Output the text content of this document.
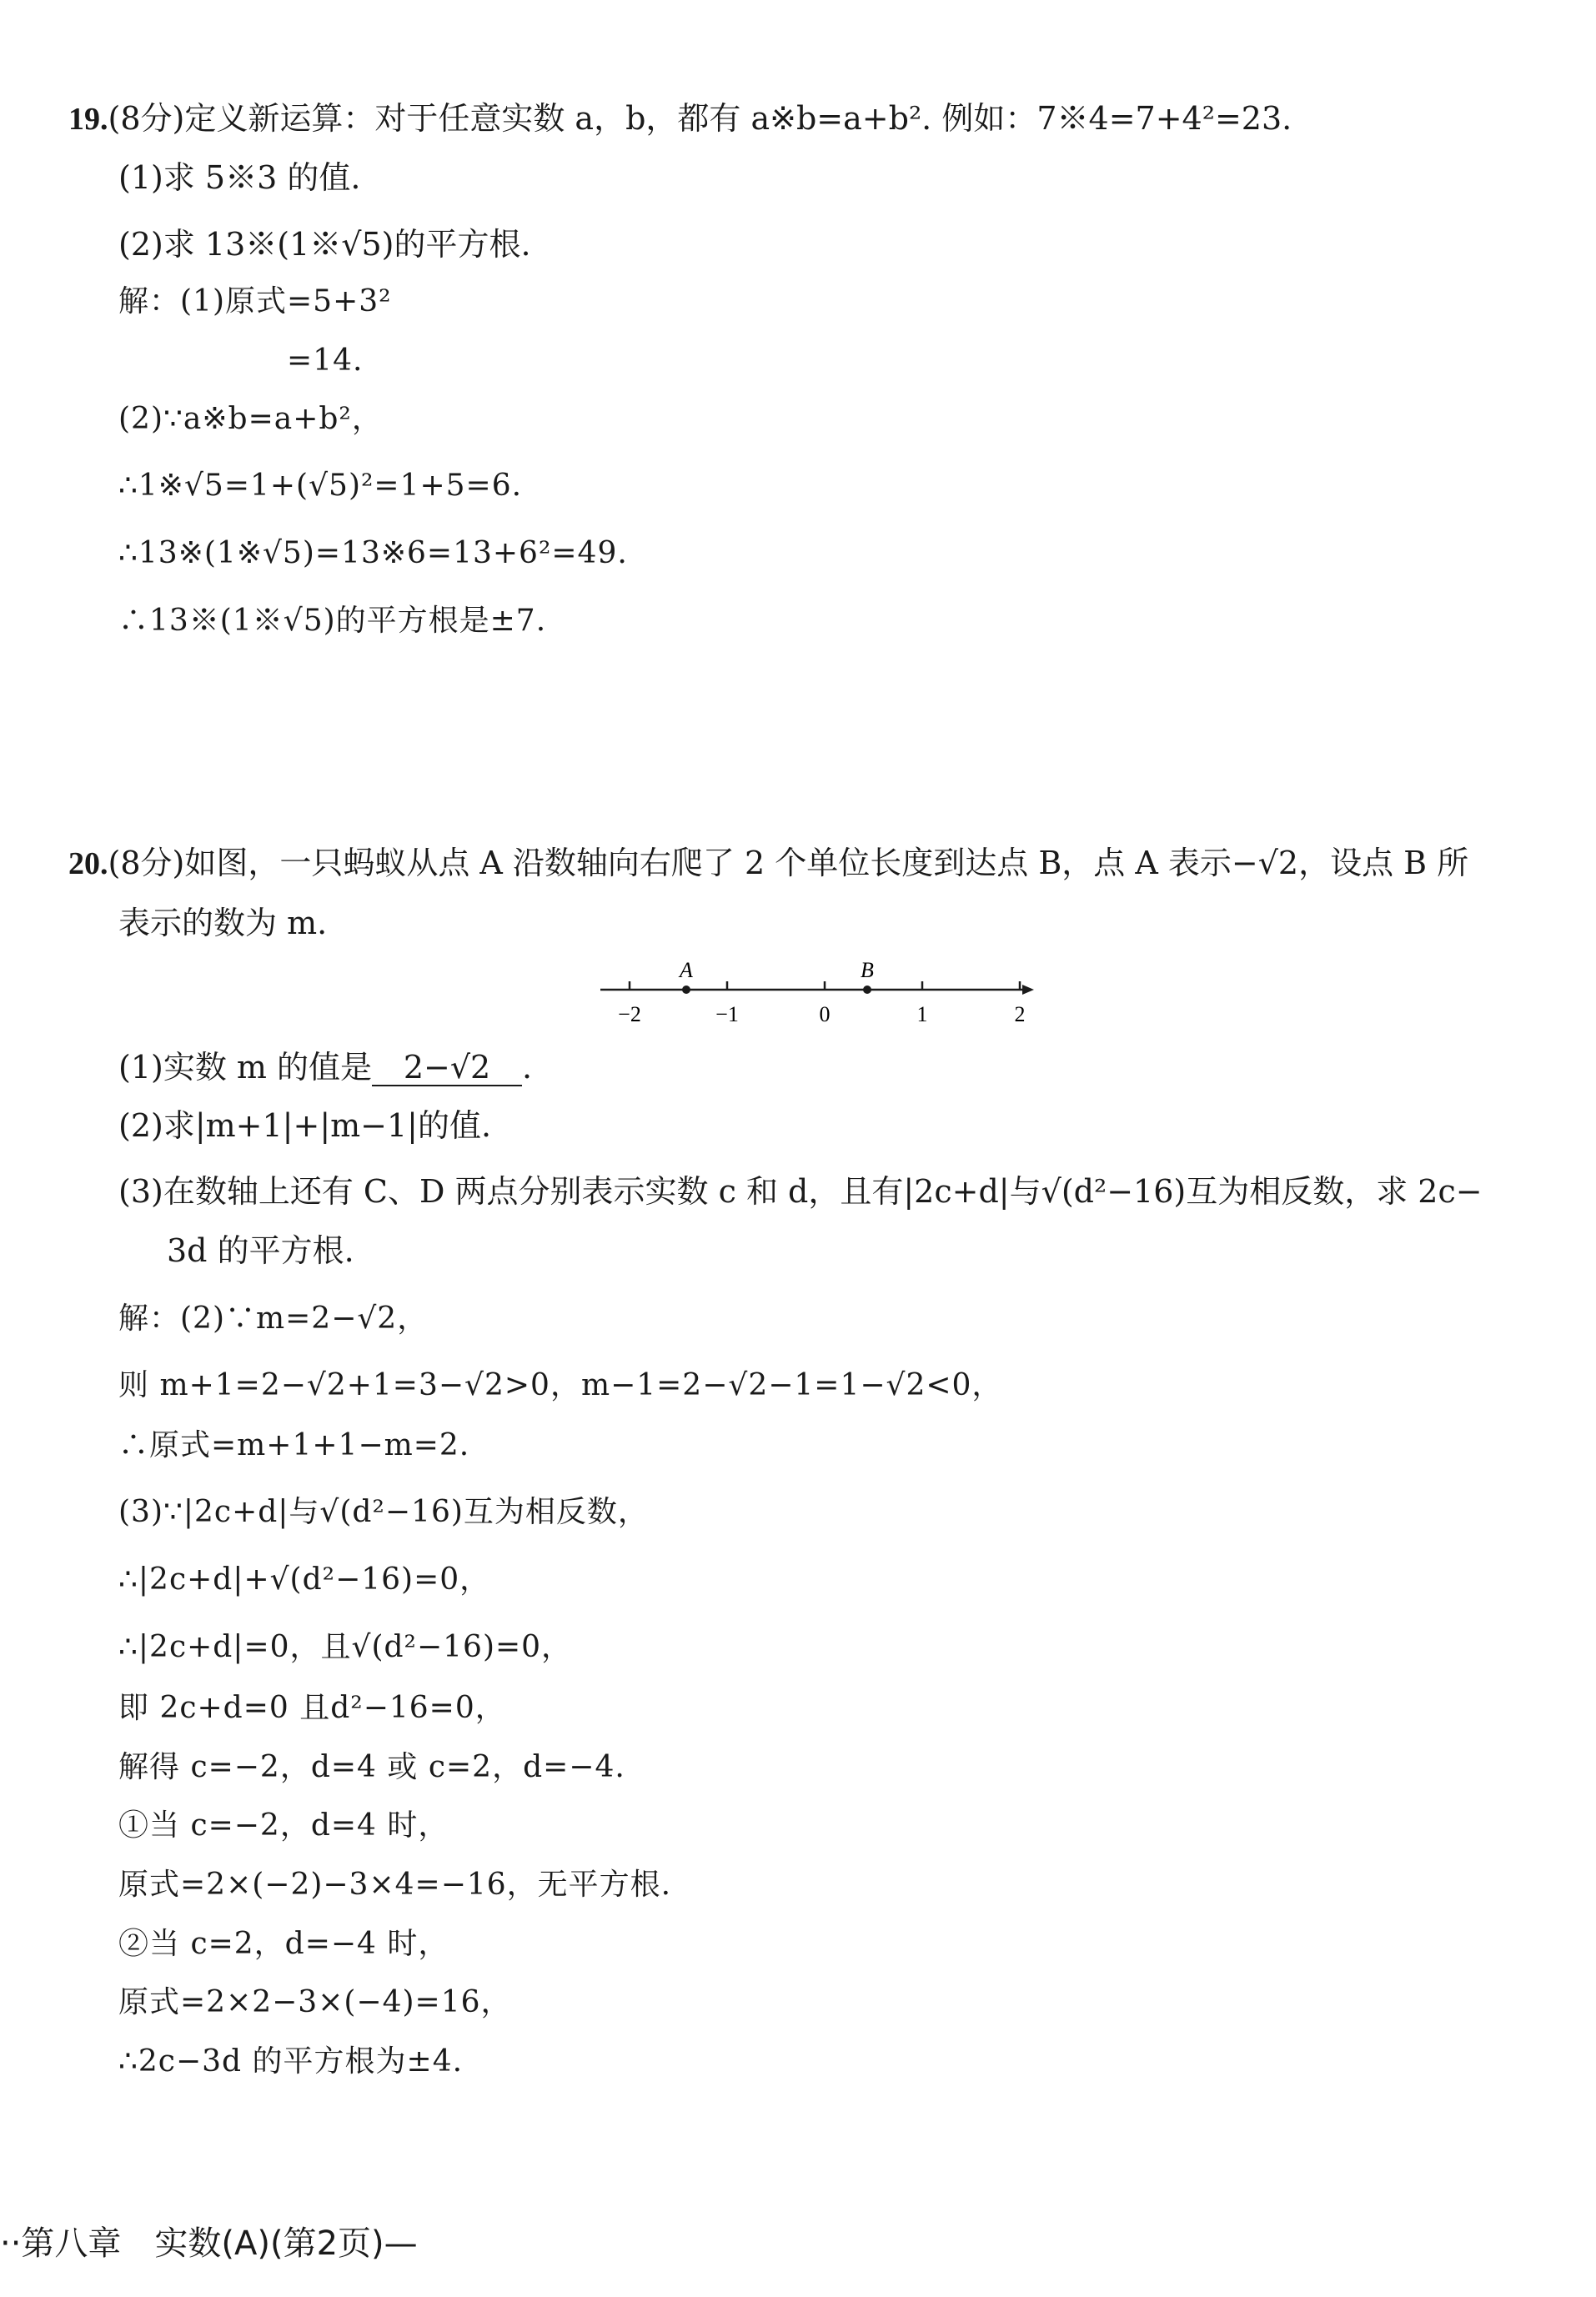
19.(8分)定义新运算：对于任意实数 a，b，都有 a※b=a+b². 例如：7※4=7+4²=23.
(1)求 5※3 的值.
(2)求 13※(1※√5)的平方根.
解：(1)原式=5+3²
=14.
(2)∵a※b=a+b²，
∴1※√5=1+(√5)²=1+5=6.
∴13※(1※√5)=13※6=13+6²=49.
∴13※(1※√5)的平方根是±7.
20.(8分)如图，一只蚂蚁从点 A 沿数轴向右爬了 2 个单位长度到达点 B，点 A 表示−√2，设点 B 所
表示的数为 m.
A	B
−2	−1	0	1	2
(1)实数 m 的值是 2−√2 .
(2)求|m+1|+|m−1|的值.
(3)在数轴上还有 C、D 两点分别表示实数 c 和 d，且有|2c+d|与√(d²−16)互为相反数，求 2c−
3d 的平方根.
解：(2)∵m=2−√2，
则 m+1=2−√2+1=3−√2>0，m−1=2−√2−1=1−√2<0，
∴原式=m+1+1−m=2.
(3)∵|2c+d|与√(d²−16)互为相反数，
∴|2c+d|+√(d²−16)=0，
∴|2c+d|=0，且√(d²−16)=0，
即 2c+d=0 且d²−16=0，
解得 c=−2，d=4 或 c=2，d=−4.
①当 c=−2，d=4 时，
原式=2×(−2)−3×4=−16，无平方根.
②当 c=2，d=−4 时，
原式=2×2−3×(−4)=16，
∴2c−3d 的平方根为±4.
··第八章　实数(A)(第2页)—
